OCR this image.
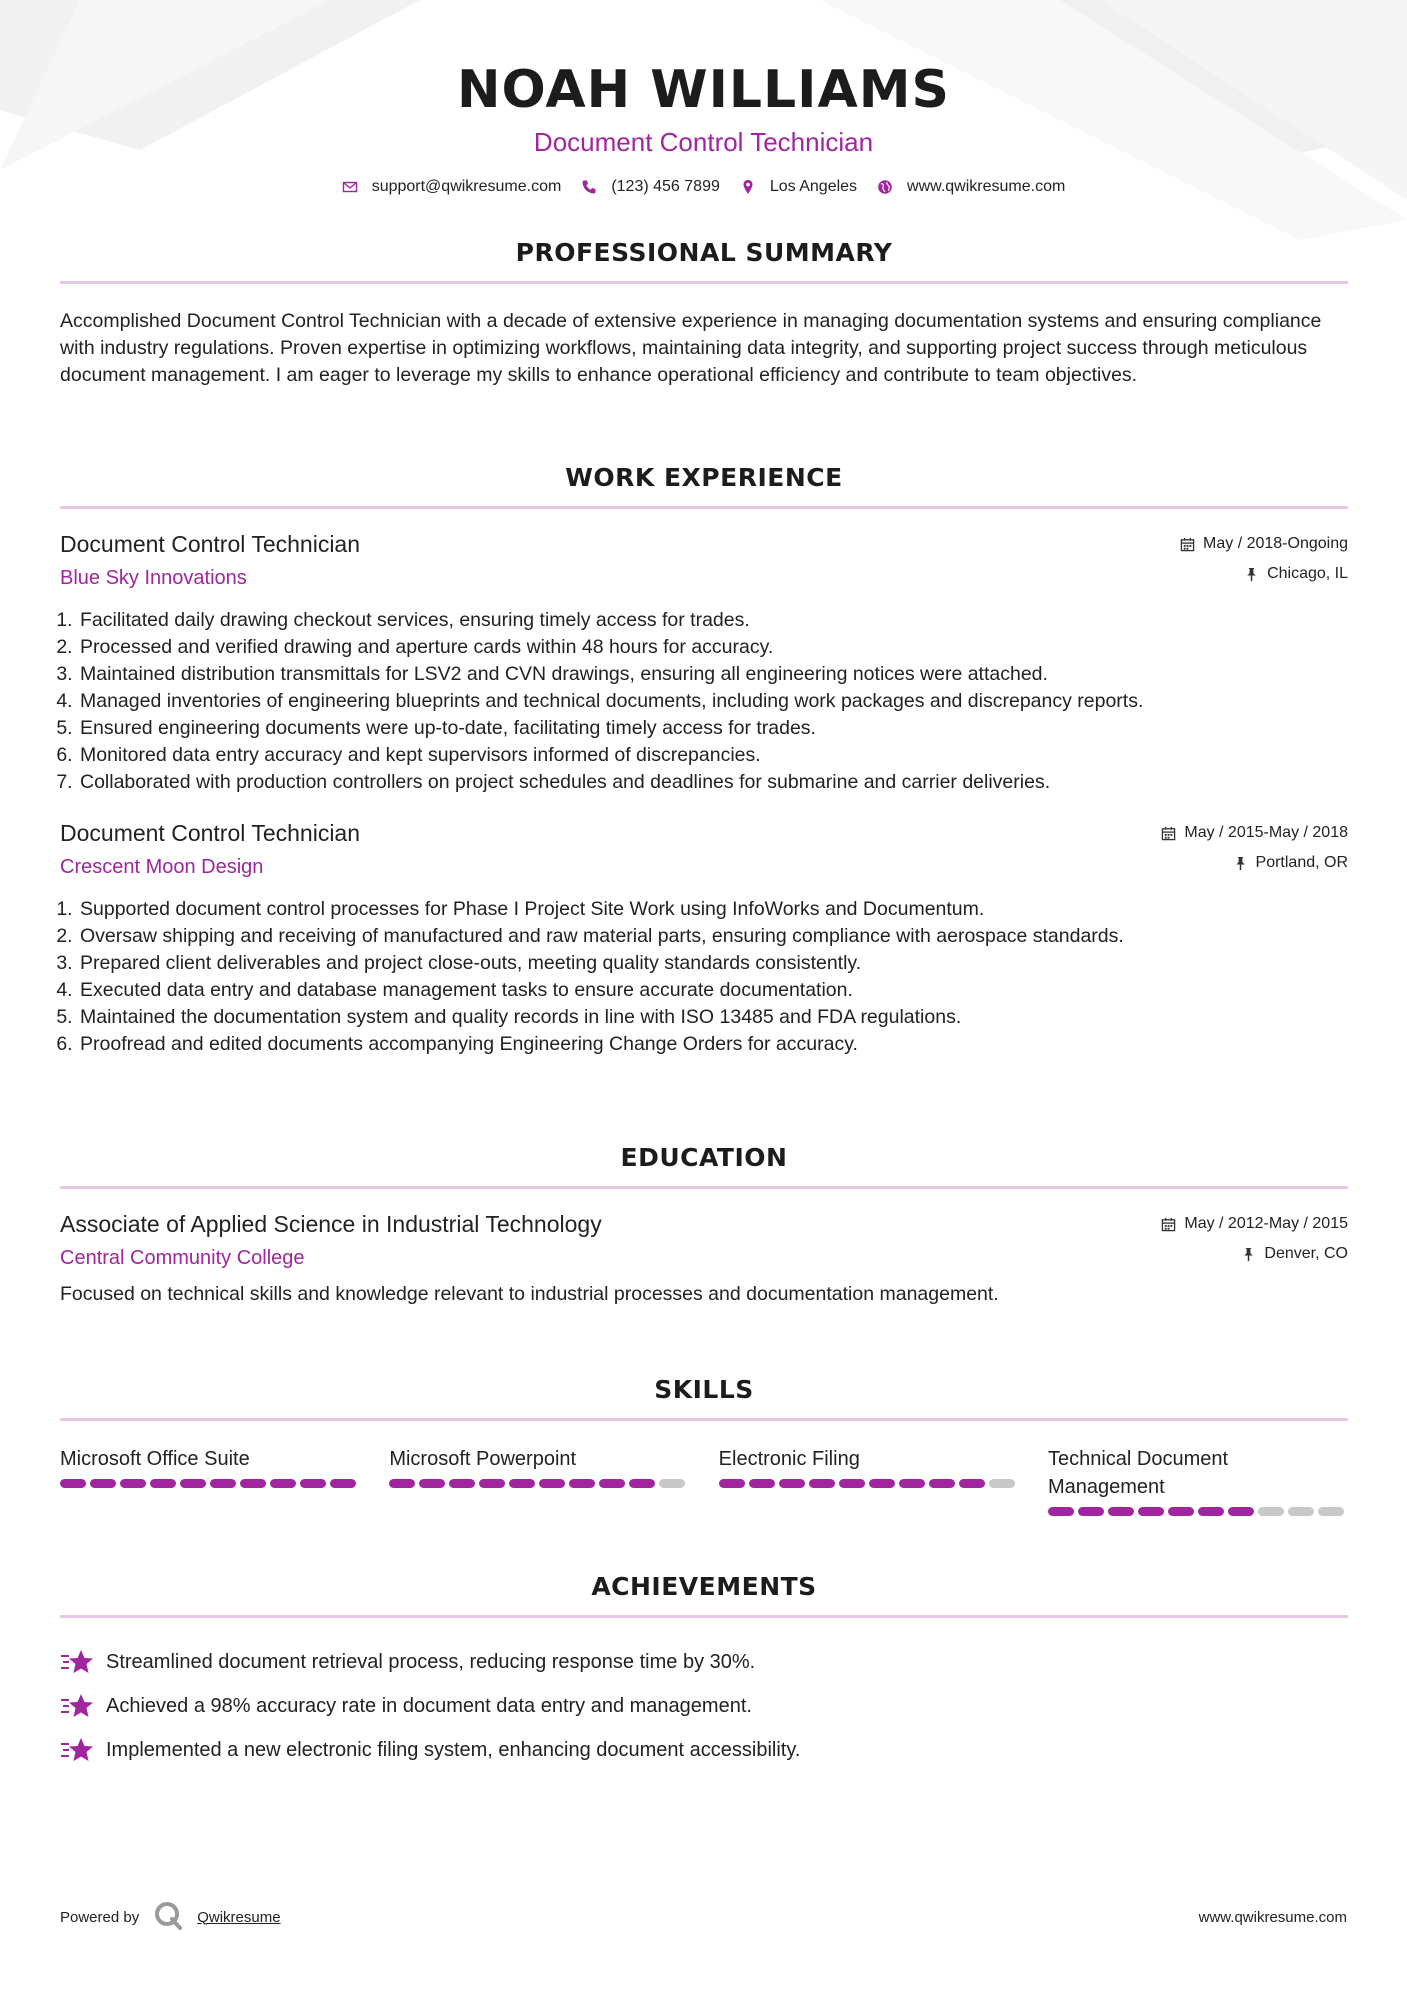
NOAH WILLIAMS
Document Control Technician
support@qwikresume.com	(123) 456 7899	Los Angeles	www.qwikresume.com
PROFESSIONAL SUMMARY
Accomplished Document Control Technician with a decade of extensive experience in managing documentation systems and ensuring compliance with industry regulations. Proven expertise in optimizing workflows, maintaining data integrity, and supporting project success through meticulous document management. I am eager to leverage my skills to enhance operational efficiency and contribute to team objectives.
WORK EXPERIENCE
Document Control Technician
Blue Sky Innovations
May / 2018-Ongoing
Chicago, IL
1. Facilitated daily drawing checkout services, ensuring timely access for trades.
2. Processed and verified drawing and aperture cards within 48 hours for accuracy.
3. Maintained distribution transmittals for LSV2 and CVN drawings, ensuring all engineering notices were attached.
4. Managed inventories of engineering blueprints and technical documents, including work packages and discrepancy reports.
5. Ensured engineering documents were up-to-date, facilitating timely access for trades.
6. Monitored data entry accuracy and kept supervisors informed of discrepancies.
7. Collaborated with production controllers on project schedules and deadlines for submarine and carrier deliveries.
Document Control Technician
Crescent Moon Design
May / 2015-May / 2018
Portland, OR
1. Supported document control processes for Phase I Project Site Work using InfoWorks and Documentum.
2. Oversaw shipping and receiving of manufactured and raw material parts, ensuring compliance with aerospace standards.
3. Prepared client deliverables and project close-outs, meeting quality standards consistently.
4. Executed data entry and database management tasks to ensure accurate documentation.
5. Maintained the documentation system and quality records in line with ISO 13485 and FDA regulations.
6. Proofread and edited documents accompanying Engineering Change Orders for accuracy.
EDUCATION
Associate of Applied Science in Industrial Technology
Central Community College
May / 2012-May / 2015
Denver, CO
Focused on technical skills and knowledge relevant to industrial processes and documentation management.
SKILLS
Microsoft Office Suite	Microsoft Powerpoint	Electronic Filing	Technical Document Management
ACHIEVEMENTS
Streamlined document retrieval process, reducing response time by 30%.
Achieved a 98% accuracy rate in document data entry and management.
Implemented a new electronic filing system, enhancing document accessibility.
Powered by	Qwikresume	www.qwikresume.com
